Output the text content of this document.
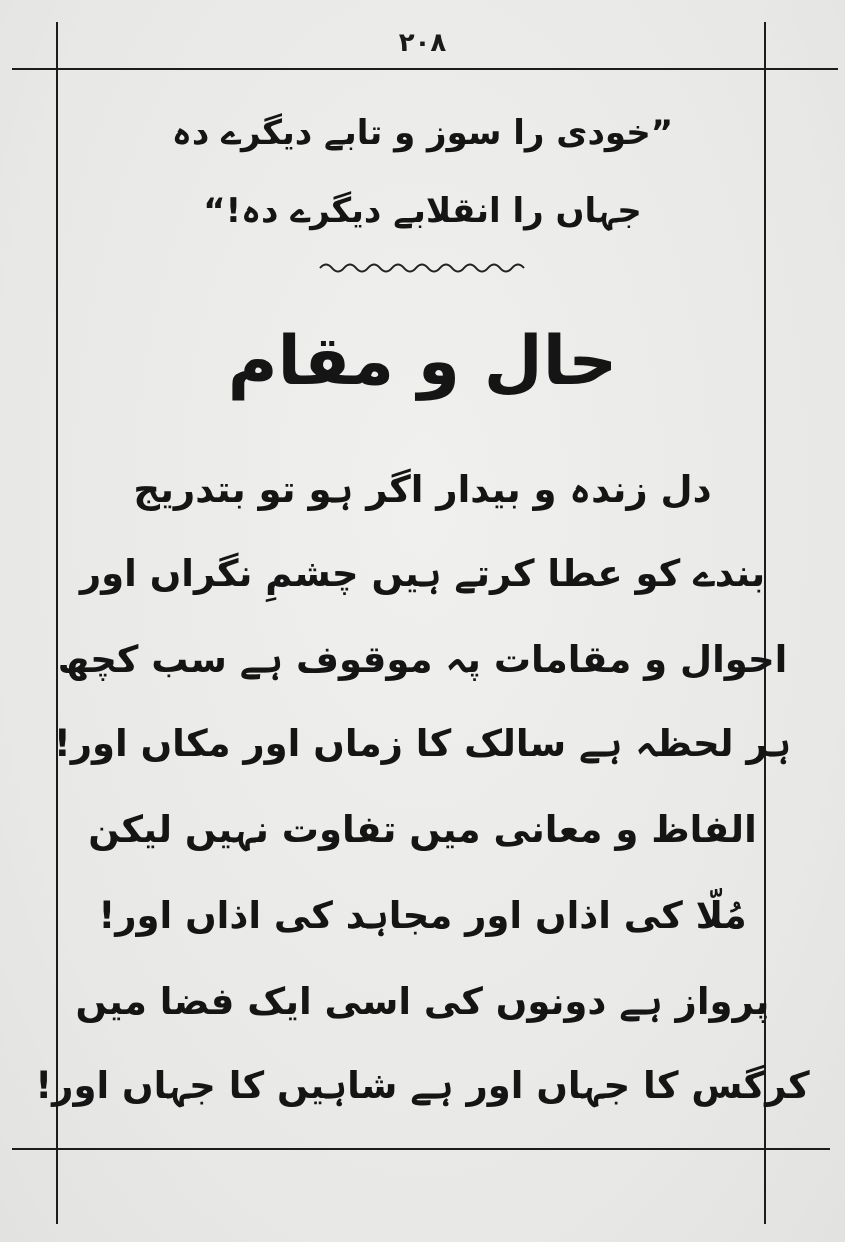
۲۰۸
”خودی را سوز و تابے دیگرے دہ
جہاں را انقلابے دیگرے دہ!“
حال و مقام
دل زندہ و بیدار اگر ہو تو بتدریج
بندے کو عطا کرتے ہیں چشمِ نگراں اور
احوال و مقامات پہ موقوف ہے سب کچھ
ہر لحظہ ہے سالک کا زماں اور مکاں اور!
الفاظ و معانی میں تفاوت نہیں لیکن
مُلّا کی اذاں اور مجاہد کی اذاں اور!
پرواز ہے دونوں کی اسی ایک فضا میں
کرگس کا جہاں اور ہے شاہیں کا جہاں اور!
